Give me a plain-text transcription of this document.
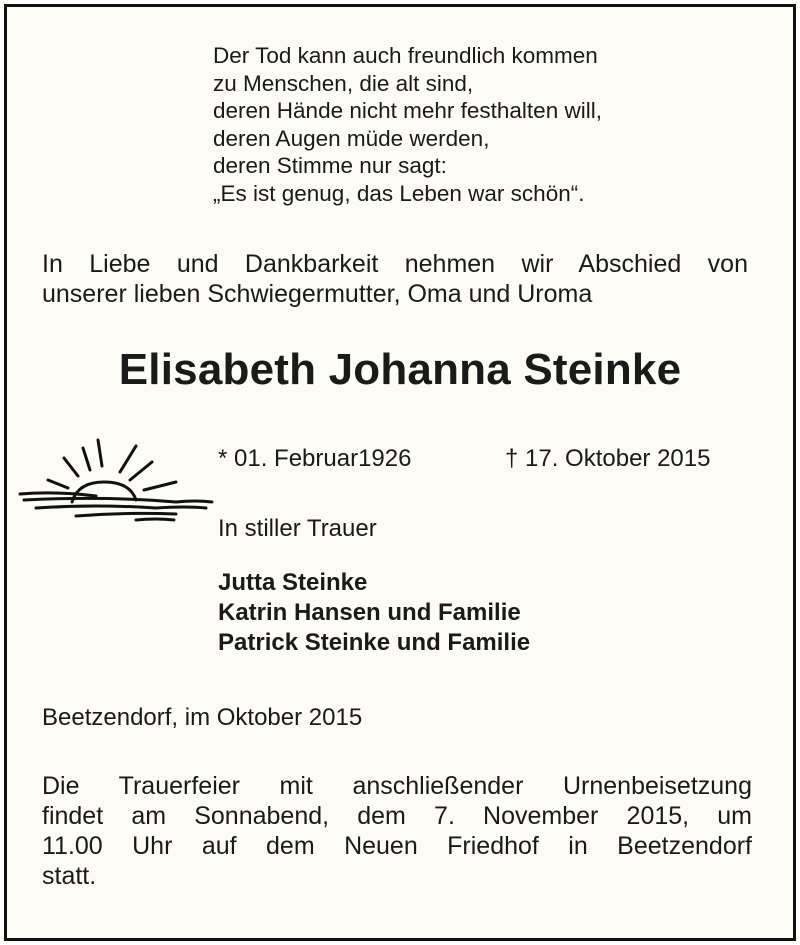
Der Tod kann auch freundlich kommen
zu Menschen, die alt sind,
deren Hände nicht mehr festhalten will,
deren Augen müde werden,
deren Stimme nur sagt:
„Es ist genug, das Leben war schön“.
In Liebe und Dankbarkeit nehmen wir Abschied von
unserer lieben Schwiegermutter, Oma und Uroma
Elisabeth Johanna Steinke
* 01. Februar1926	† 17. Oktober 2015
In stiller Trauer
Jutta Steinke
Katrin Hansen und Familie
Patrick Steinke und Familie
Beetzendorf, im Oktober 2015
Die Trauerfeier mit anschließender Urnenbeisetzung
findet am Sonnabend, dem 7. November 2015, um
11.00 Uhr auf dem Neuen Friedhof in Beetzendorf
statt.
